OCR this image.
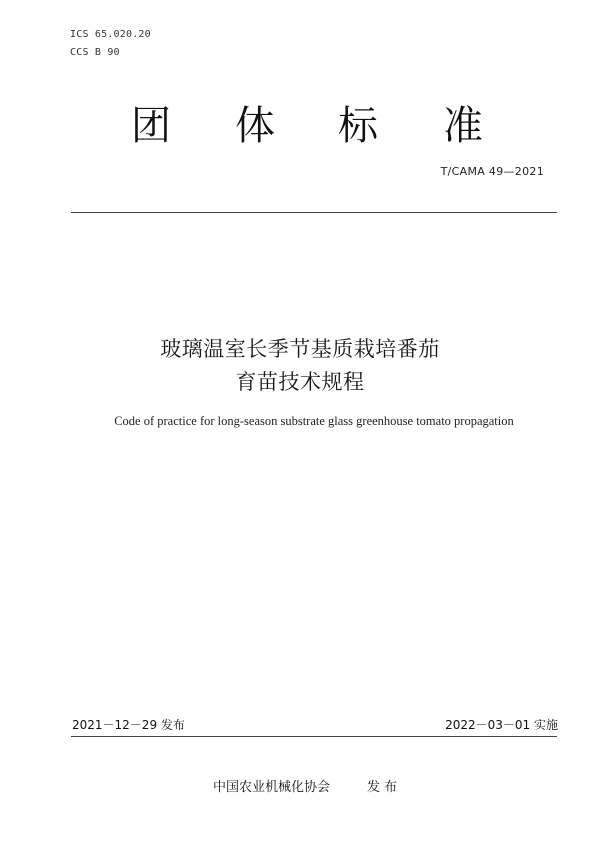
ICS 65.020.20
CCS B 90
团 体 标 准
T/CAMA 49—2021
玻璃温室长季节基质栽培番茄
育苗技术规程
Code of practice for long-season substrate glass greenhouse tomato propagation
2021－12－29 发布	2022－03－01 实施
中国农业机械化协会	发 布
